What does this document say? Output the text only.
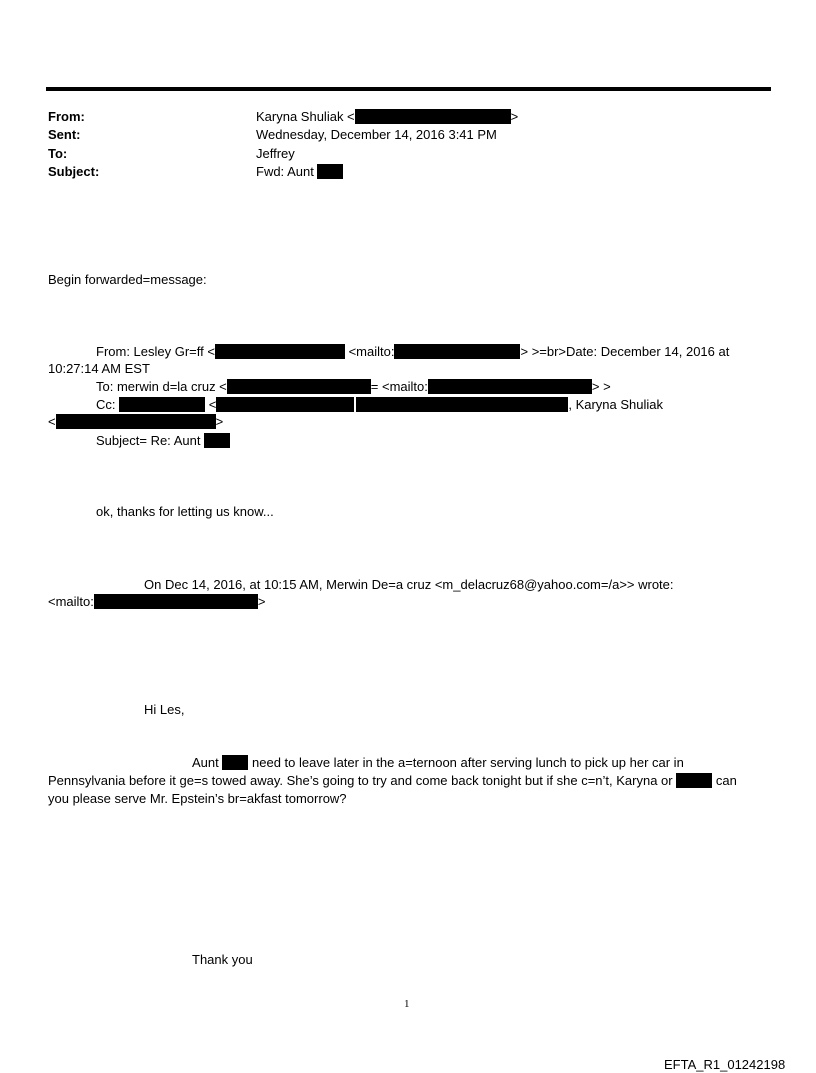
From:	Karyna Shuliak <	>
Sent:	Wednesday, December 14, 2016 3:41 PM
To:	Jeffrey
Subject:	Fwd: Aunt
Begin forwarded=message:
From: Lesley Gr=ff <	<mailto:	> >=br>Date: December 14, 2016 at
10:27:14 AM EST
To: merwin d=la cruz <	= <mailto:	> >
Cc:	<	, Karyna Shuliak
<	>
Subject= Re: Aunt
ok, thanks for letting us know...
On Dec 14, 2016, at 10:15 AM, Merwin De=a cruz <m_delacruz68@yahoo.com=/a>> wrote:
<mailto:	>
Hi Les,
Aunt	need to leave later in the a=ternoon after serving lunch to pick up her car in
Pennsylvania before it ge=s towed away. She’s going to try and come back tonight but if she c=n’t, Karyna or	can
you please serve Mr. Epstein’s br=akfast tomorrow?
Thank you
1
EFTA_R1_01242198
